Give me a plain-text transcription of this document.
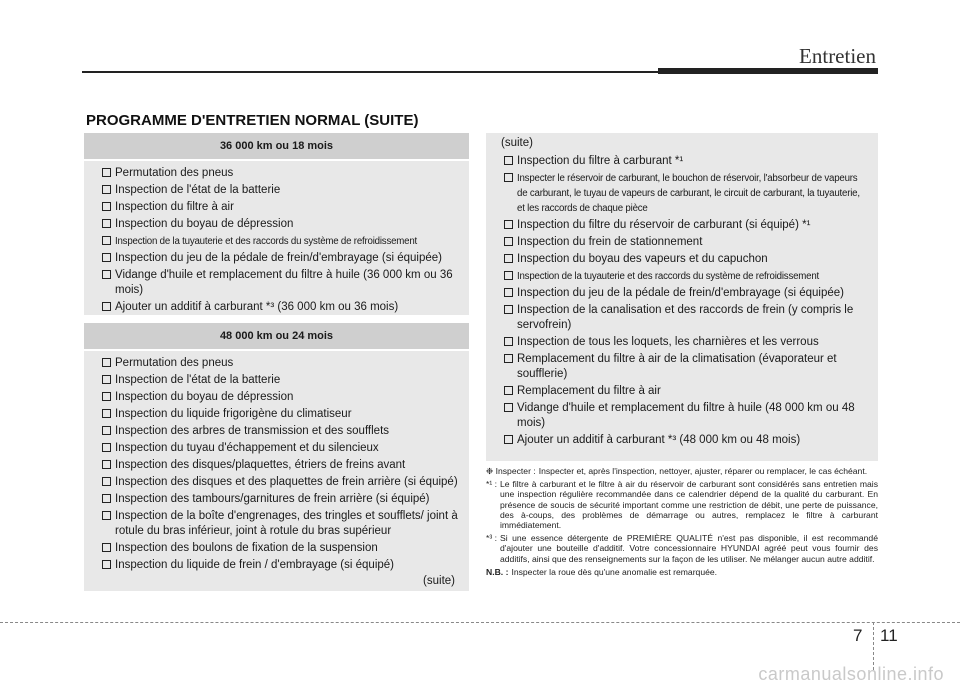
Entretien
PROGRAMME D'ENTRETIEN NORMAL (SUITE)
36 000 km ou 18 mois
Permutation des pneus
Inspection de l'état de la batterie
Inspection du filtre à air
Inspection du boyau de dépression
Inspection de la tuyauterie et des raccords du système de refroidissement
Inspection du jeu de la pédale de frein/d'embrayage (si équipée)
Vidange d'huile et remplacement du filtre à huile (36 000 km ou 36 mois)
Ajouter un additif à carburant *³ (36 000 km ou 36 mois)
48 000 km ou 24 mois
Permutation des pneus
Inspection de l'état de la batterie
Inspection du boyau de dépression
Inspection du liquide frigorigène du climatiseur
Inspection des arbres de transmission et des soufflets
Inspection du tuyau d'échappement et du silencieux
Inspection des disques/plaquettes, étriers de freins avant
Inspection des disques et des plaquettes de frein arrière (si équipé)
Inspection des tambours/garnitures de frein arrière (si équipé)
Inspection de la boîte d'engrenages, des tringles et soufflets/ joint à rotule du bras inférieur, joint à rotule du bras supérieur
Inspection des boulons de fixation de la suspension
Inspection du liquide de frein / d'embrayage (si équipé)
(suite)
(suite)
Inspection du filtre à carburant *¹
Inspecter le réservoir de carburant, le bouchon de réservoir, l'absorbeur de vapeurs de carburant, le tuyau de vapeurs de carburant, le circuit de carburant, la tuyauterie, et les raccords de chaque pièce
Inspection du filtre du réservoir de carburant (si équipé) *¹
Inspection du frein de stationnement
Inspection du boyau des vapeurs et du capuchon
Inspection de la tuyauterie et des raccords du système de refroidissement
Inspection du jeu de la pédale de frein/d'embrayage (si équipée)
Inspection de la canalisation et des raccords de frein (y compris le servofrein)
Inspection de tous les loquets, les charnières et les verrous
Remplacement du filtre à air de la climatisation (évaporateur et soufflerie)
Remplacement du filtre à air
Vidange d'huile et remplacement du filtre à huile (48 000 km ou 48 mois)
Ajouter un additif à carburant *³ (48 000 km ou 48 mois)
❉ Inspecter : Inspecter et, après l'inspection, nettoyer, ajuster, réparer ou remplacer, le cas échéant.
*¹ : Le filtre à carburant et le filtre à air du réservoir de carburant sont considérés sans entretien mais une inspection régulière recommandée dans ce calendrier dépend de la qualité du carburant. En présence de soucis de sécurité important comme une restriction de débit, une perte de puissance, des à-coups, des problèmes de démarrage ou autres, remplacez le filtre à carburant immédiatement.
*³ : Si une essence détergente de PREMIÈRE QUALITÉ n'est pas disponible, il est recommandé d'ajouter une bouteille d'additif. Votre concessionnaire HYUNDAI agréé peut vous fournir des additifs, ainsi que des renseignements sur la façon de les utiliser. Ne mélanger aucun autre additif.
N.B. : Inspecter la roue dès qu'une anomalie est remarquée.
7 11
carmanualsonline.info
